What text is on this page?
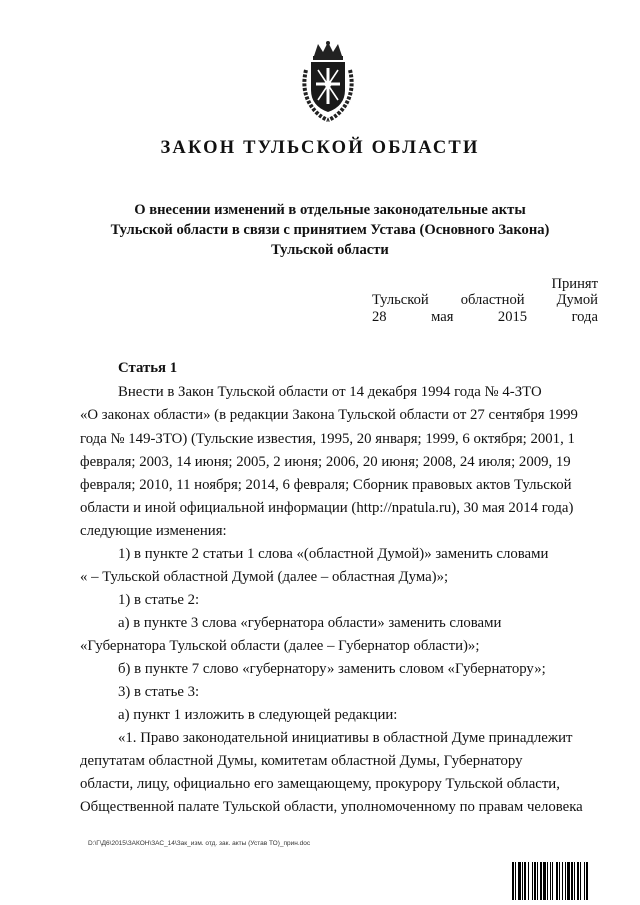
ЗАКОН ТУЛЬСКОЙ ОБЛАСТИ
О внесении изменений в отдельные законодательные акты
Тульской области в связи с принятием Устава (Основного Закона)
Тульской области
Принят
Тульской областной Думой
28	мая	2015	года
Статья 1
Внести в Закон Тульской области от 14 декабря 1994 года № 4-ЗТО
«О законах области» (в редакции Закона Тульской области от 27 сентября 1999
года № 149-ЗТО) (Тульские известия, 1995, 20 января; 1999, 6 октября; 2001, 1
февраля; 2003, 14 июня; 2005, 2 июня; 2006, 20 июня; 2008, 24 июля; 2009, 19
февраля; 2010, 11 ноября; 2014, 6 февраля; Сборник правовых актов Тульской
области и иной официальной информации (http://npatula.ru), 30 мая 2014 года)
следующие изменения:
1) в пункте 2 статьи 1 слова «(областной Думой)» заменить словами
« – Тульской областной Думой (далее – областная Дума)»;
1) в статье 2:
а) в пункте 3 слова «губернатора области» заменить словами
«Губернатора Тульской области (далее – Губернатор области)»;
б) в пункте 7 слово «губернатору» заменить словом «Губернатору»;
3) в статье 3:
а) пункт 1 изложить в следующей редакции:
«1. Право законодательной инициативы в областной Думе принадлежит
депутатам областной Думы, комитетам областной Думы, Губернатору
области, лицу, официально его замещающему, прокурору Тульской области,
Общественной палате Тульской области, уполномоченному по правам человека
D:\Г\Д6\2015\ЗАКОН\ЗАС_14\Зак_изм. отд. зак. акты (Устав ТО)_прин.doc
